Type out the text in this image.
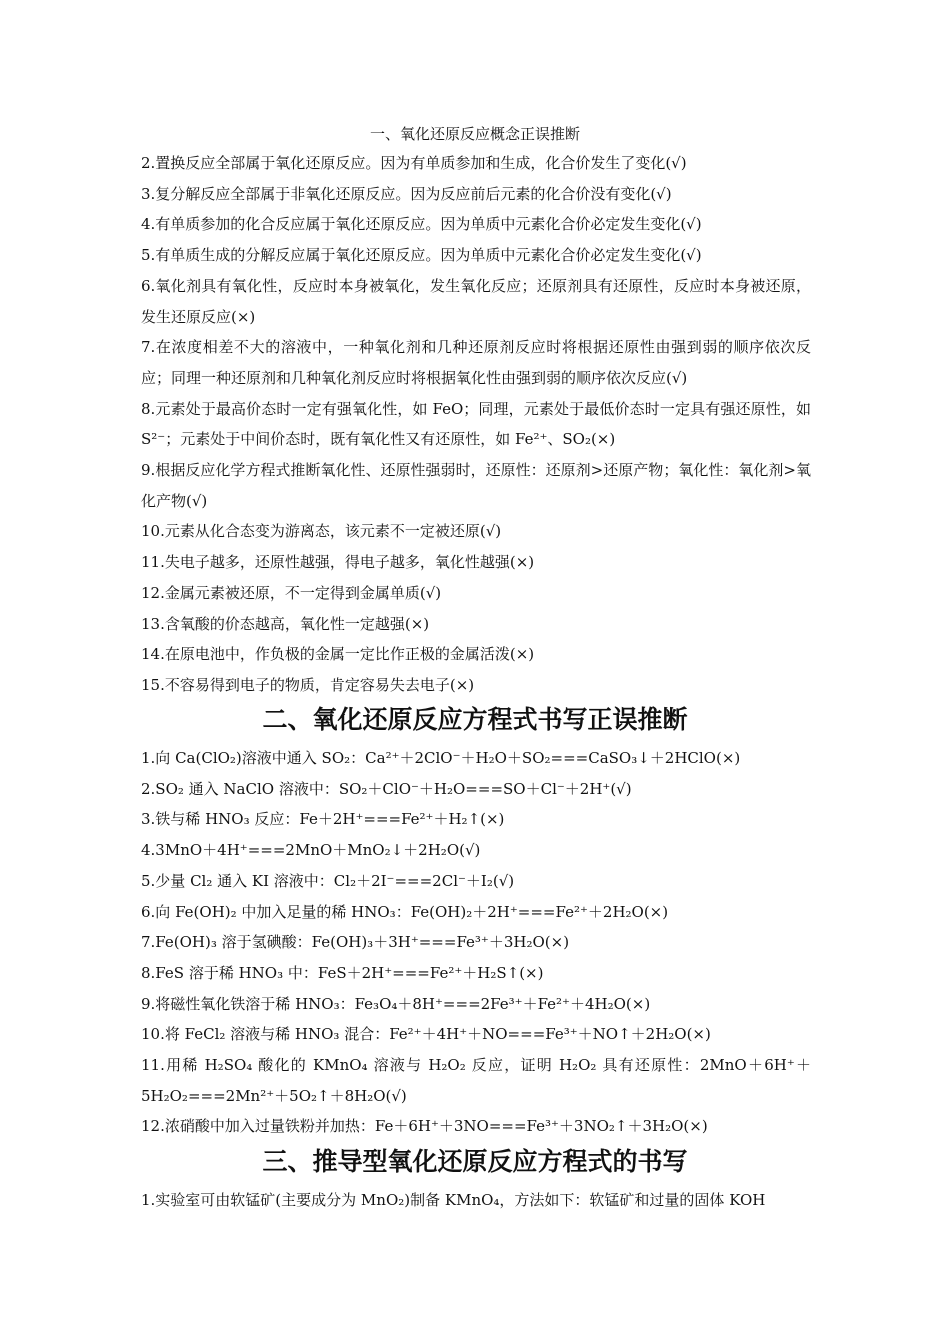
一、氧化还原反应概念正误推断
2.置换反应全部属于氧化还原反应。因为有单质参加和生成，化合价发生了变化(√)
3.复分解反应全部属于非氧化还原反应。因为反应前后元素的化合价没有变化(√)
4.有单质参加的化合反应属于氧化还原反应。因为单质中元素化合价必定发生变化(√)
5.有单质生成的分解反应属于氧化还原反应。因为单质中元素化合价必定发生变化(√)
6.氧化剂具有氧化性，反应时本身被氧化，发生氧化反应；还原剂具有还原性，反应时本身被还原，发生还原反应(×)
7.在浓度相差不大的溶液中，一种氧化剂和几种还原剂反应时将根据还原性由强到弱的顺序依次反应；同理一种还原剂和几种氧化剂反应时将根据氧化性由强到弱的顺序依次反应(√)
8.元素处于最高价态时一定有强氧化性，如 FeO；同理，元素处于最低价态时一定具有强还原性，如 S²⁻；元素处于中间价态时，既有氧化性又有还原性，如 Fe²⁺、SO₂(×)
9.根据反应化学方程式推断氧化性、还原性强弱时，还原性：还原剂>还原产物；氧化性：氧化剂>氧化产物(√)
10.元素从化合态变为游离态，该元素不一定被还原(√)
11.失电子越多，还原性越强，得电子越多，氧化性越强(×)
12.金属元素被还原，不一定得到金属单质(√)
13.含氧酸的价态越高，氧化性一定越强(×)
14.在原电池中，作负极的金属一定比作正极的金属活泼(×)
15.不容易得到电子的物质，肯定容易失去电子(×)
二、氧化还原反应方程式书写正误推断
1.向 Ca(ClO₂)溶液中通入 SO₂：Ca²⁺＋2ClO⁻＋H₂O＋SO₂===CaSO₃↓＋2HClO(×)
2.SO₂ 通入 NaClO 溶液中：SO₂＋ClO⁻＋H₂O===SO＋Cl⁻＋2H⁺(√)
3.铁与稀 HNO₃ 反应：Fe＋2H⁺===Fe²⁺＋H₂↑(×)
4.3MnO＋4H⁺===2MnO＋MnO₂↓＋2H₂O(√)
5.少量 Cl₂ 通入 KI 溶液中：Cl₂＋2I⁻===2Cl⁻＋I₂(√)
6.向 Fe(OH)₂ 中加入足量的稀 HNO₃：Fe(OH)₂＋2H⁺===Fe²⁺＋2H₂O(×)
7.Fe(OH)₃ 溶于氢碘酸：Fe(OH)₃＋3H⁺===Fe³⁺＋3H₂O(×)
8.FeS 溶于稀 HNO₃ 中：FeS＋2H⁺===Fe²⁺＋H₂S↑(×)
9.将磁性氧化铁溶于稀 HNO₃：Fe₃O₄＋8H⁺===2Fe³⁺＋Fe²⁺＋4H₂O(×)
10.将 FeCl₂ 溶液与稀 HNO₃ 混合：Fe²⁺＋4H⁺＋NO===Fe³⁺＋NO↑＋2H₂O(×)
11.用稀 H₂SO₄ 酸化的 KMnO₄ 溶液与 H₂O₂ 反应，证明 H₂O₂ 具有还原性：2MnO＋6H⁺＋5H₂O₂===2Mn²⁺＋5O₂↑＋8H₂O(√)
12.浓硝酸中加入过量铁粉并加热：Fe＋6H⁺＋3NO===Fe³⁺＋3NO₂↑＋3H₂O(×)
三、推导型氧化还原反应方程式的书写
1.实验室可由软锰矿(主要成分为 MnO₂)制备 KMnO₄，方法如下：软锰矿和过量的固体 KOH
